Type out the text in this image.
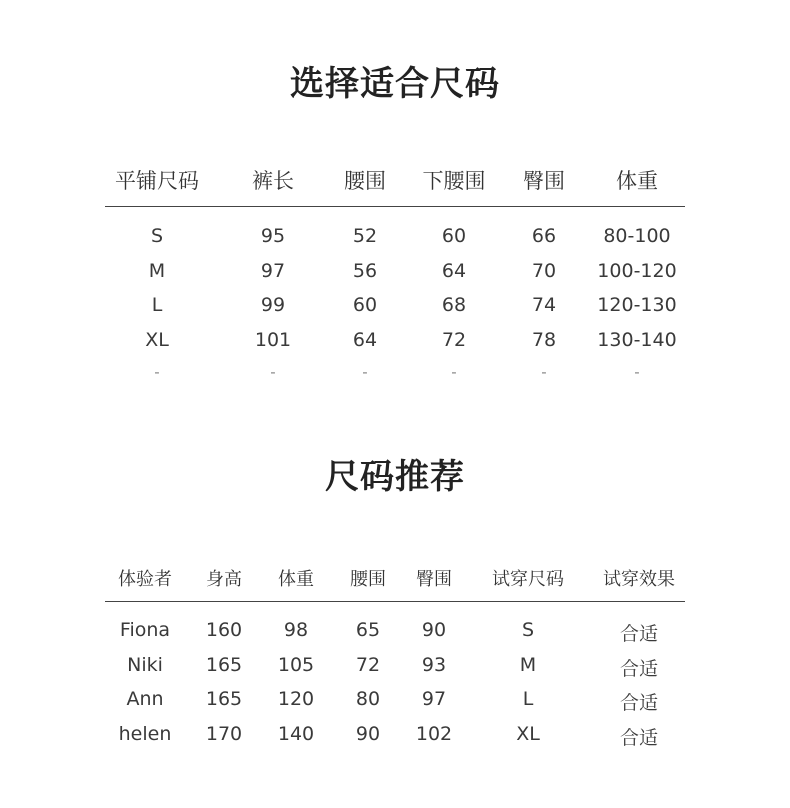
选择适合尺码
平铺尺码	裤长 腰围 下腰围 臀围 体重
S	95	52	60	66 80-100
M	97	56	64	70 100-120
L	99	60	68	74 120-130
XL	101	64	72	78 130-140
-	-	-	-	-	-
尺码推荐
体验者 身高 体重 腰围 臀围 试穿尺码 试穿效果
Fiona 160 98	65 90	S	合适
Niki 165 105 72 93	M	合适
Ann 165 120 80 97	L	合适
helen 170 140 90 102	XL	合适
